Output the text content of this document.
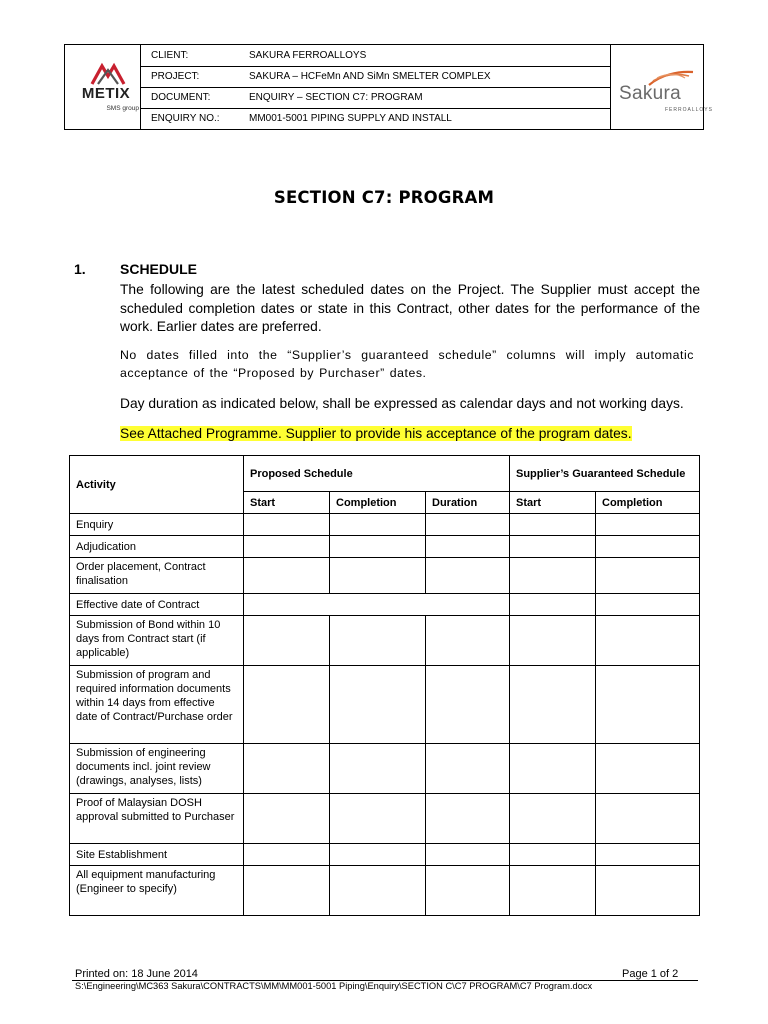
METIX
SMS group
CLIENT:	SAKURA FERROALLOYS
PROJECT:	SAKURA – HCFeMn AND SiMn SMELTER COMPLEX
DOCUMENT:	ENQUIRY – SECTION C7: PROGRAM
ENQUIRY NO.:	MM001-5001 PIPING SUPPLY AND INSTALL
Sakura
FERROALLOYS
SECTION C7: PROGRAM
1. SCHEDULE
The following are the latest scheduled dates on the Project. The Supplier must accept the
scheduled completion dates or state in this Contract, other dates for the performance of the
work. Earlier dates are preferred.
No dates filled into the “Supplier’s guaranteed schedule” columns will imply automatic
acceptance of the “Proposed by Purchaser” dates.
Day duration as indicated below, shall be expressed as calendar days and not working days.
See Attached Programme. Supplier to provide his acceptance of the program dates.
Activity	Proposed Schedule			Supplier’s Guaranteed Schedule	
	Start	Completion	Duration	Start	Completion
Enquiry					
Adjudication					
Order placement, Contract finalisation					
Effective date of Contract					
Submission of Bond within 10 days from Contract start (if applicable)					
Submission of program and required information documents within 14 days from effective date of Contract/Purchase order					
Submission of engineering documents incl. joint review (drawings, analyses, lists)					
Proof of Malaysian DOSH approval submitted to Purchaser					
Site Establishment					
All equipment manufacturing (Engineer to specify)					
Printed on: 18 June 2014	Page 1 of 2
S:\Engineering\MC363 Sakura\CONTRACTS\MM\MM001-5001 Piping\Enquiry\SECTION C\C7 PROGRAM\C7 Program.docx
